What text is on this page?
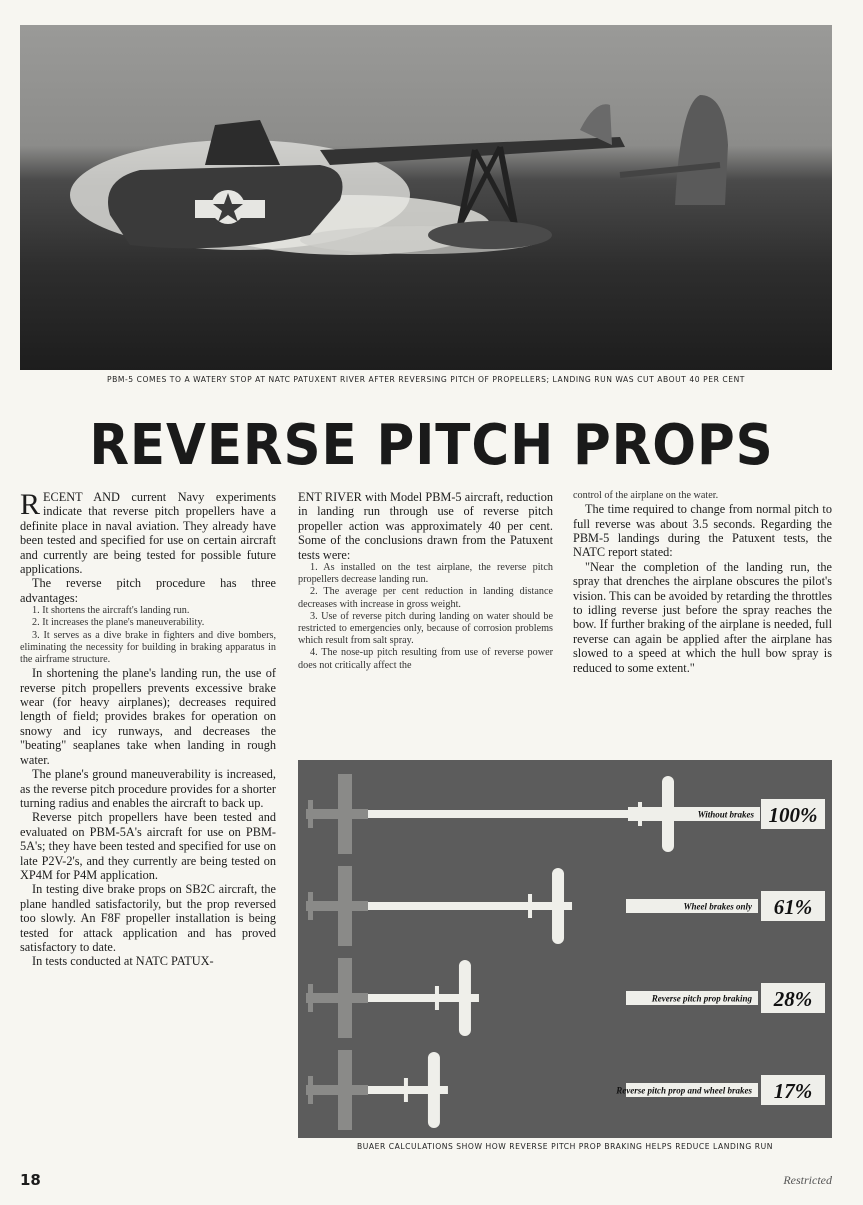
PBM-5 COMES TO A WATERY STOP AT NATC PATUXENT RIVER AFTER REVERSING PITCH OF PROPELLERS; LANDING RUN WAS CUT ABOUT 40 PER CENT
REVERSE PITCH PROPS

RECENT AND current Navy experiments indicate that reverse pitch propellers have a definite place in naval aviation. They already have been tested and specified for use on certain aircraft and currently are being tested for possible future applications.

The reverse pitch procedure has three advantages:

1. It shortens the aircraft's landing run.

2. It increases the plane's maneuverability.

3. It serves as a dive brake in fighters and dive bombers, eliminating the necessity for building in braking apparatus in the airframe structure.

In shortening the plane's landing run, the use of reverse pitch propellers prevents excessive brake wear (for heavy airplanes); decreases required length of field; provides brakes for operation on snowy and icy runways, and decreases the "beating" seaplanes take when landing in rough water.

The plane's ground maneuverability is increased, as the reverse pitch procedure provides for a shorter turning radius and enables the aircraft to back up.

Reverse pitch propellers have been tested and evaluated on PBM-5A's aircraft for use on PBM-5A's; they have been tested and specified for use on late P2V-2's, and they currently are being tested on XP4M for P4M application.

In testing dive brake props on SB2C aircraft, the plane handled satisfactorily, but the prop reversed too slowly. An F8F propeller installation is being tested for attack application and has proved satisfactory to date.

In tests conducted at NATC PATUX-

ENT RIVER with Model PBM-5 aircraft, reduction in landing run through use of reverse pitch propeller action was approximately 40 per cent. Some of the conclusions drawn from the Patuxent tests were:

1. As installed on the test airplane, the reverse pitch propellers decrease landing run.

2. The average per cent reduction in landing distance decreases with increase in gross weight.

3. Use of reverse pitch during landing on water should be restricted to emergencies only, because of corrosion problems which result from salt spray.

4. The nose-up pitch resulting from use of reverse power does not critically affect the

control of the airplane on the water.

The time required to change from normal pitch to full reverse was about 3.5 seconds. Regarding the PBM-5 landings during the Patuxent tests, the NATC report stated:

"Near the completion of the landing run, the spray that drenches the airplane obscures the pilot's vision. This can be avoided by retarding the throttles to idling reverse just before the spray reaches the bow. If further braking of the airplane is needed, full reverse can again be applied after the airplane has slowed to a speed at which the hull bow spray is reduced to some extent."

Without brakes 100%
Wheel brakes only 61%
Reverse pitch prop braking 28%
Reverse pitch prop and wheel brakes 17%
BUAER CALCULATIONS SHOW HOW REVERSE PITCH PROP BRAKING HELPS REDUCE LANDING RUN
18	Restricted
